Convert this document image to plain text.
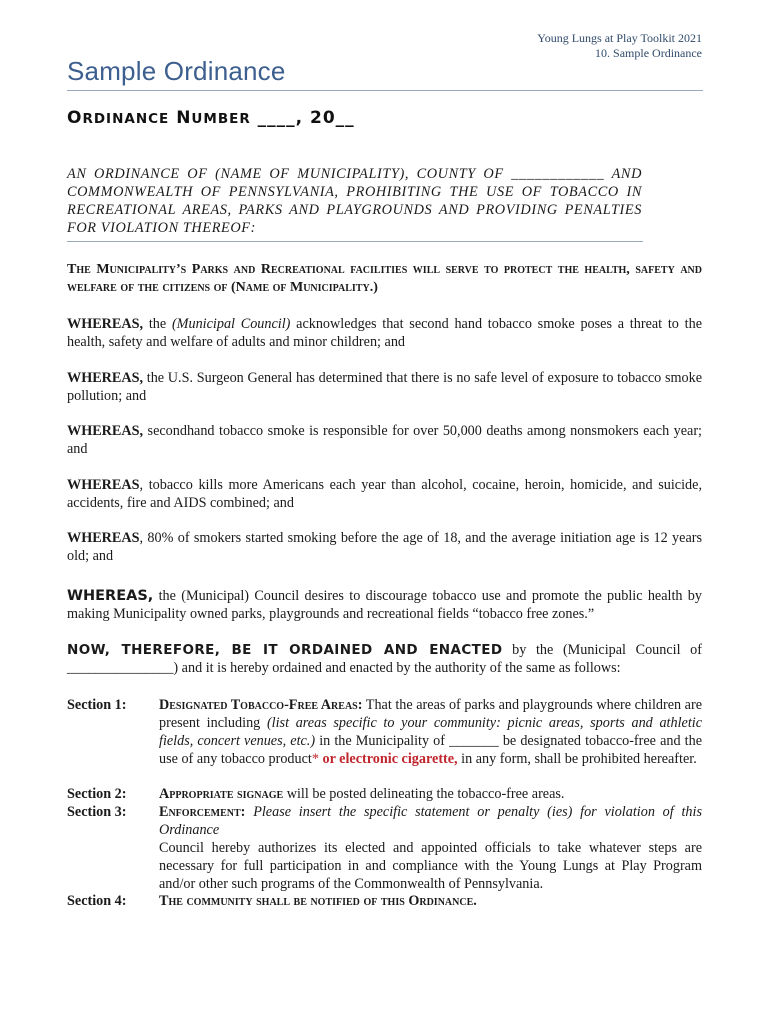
Young Lungs at Play Toolkit 2021
10. Sample Ordinance
Sample Ordinance
ORDINANCE NUMBER ____, 20__
AN ORDINANCE OF (NAME OF MUNICIPALITY), COUNTY OF ____________ AND COMMONWEALTH OF PENNSYLVANIA, PROHIBITING THE USE OF TOBACCO IN RECREATIONAL AREAS, PARKS AND PLAYGROUNDS AND PROVIDING PENALTIES FOR VIOLATION THEREOF:
The Municipality’s Parks and Recreational facilities will serve to protect the health, safety and welfare of the citizens of (Name of Municipality.)
WHEREAS, the (Municipal Council) acknowledges that second hand tobacco smoke poses a threat to the health, safety and welfare of adults and minor children; and
WHEREAS, the U.S. Surgeon General has determined that there is no safe level of exposure to tobacco smoke pollution; and
WHEREAS, secondhand tobacco smoke is responsible for over 50,000 deaths among nonsmokers each year; and
WHEREAS, tobacco kills more Americans each year than alcohol, cocaine, heroin, homicide, and suicide, accidents, fire and AIDS combined; and
WHEREAS, 80% of smokers started smoking before the age of 18, and the average initiation age is 12 years old; and
WHEREAS, the (Municipal) Council desires to discourage tobacco use and promote the public health by making Municipality owned parks, playgrounds and recreational fields “tobacco free zones.”
NOW, THEREFORE, BE IT ORDAINED AND ENACTED by the (Municipal Council of _______________) and it is hereby ordained and enacted by the authority of the same as follows:
Section 1: Designated Tobacco-Free Areas: That the areas of parks and playgrounds where children are present including (list areas specific to your community: picnic areas, sports and athletic fields, concert venues, etc.) in the Municipality of _______ be designated tobacco-free and the use of any tobacco product* or electronic cigarette, in any form, shall be prohibited hereafter.
Section 2: Appropriate signage will be posted delineating the tobacco-free areas.
Section 3: Enforcement: Please insert the specific statement or penalty (ies) for violation of this Ordinance
Council hereby authorizes its elected and appointed officials to take whatever steps are necessary for full participation in and compliance with the Young Lungs at Play Program and/or other such programs of the Commonwealth of Pennsylvania.
Section 4: The community shall be notified of this Ordinance.
